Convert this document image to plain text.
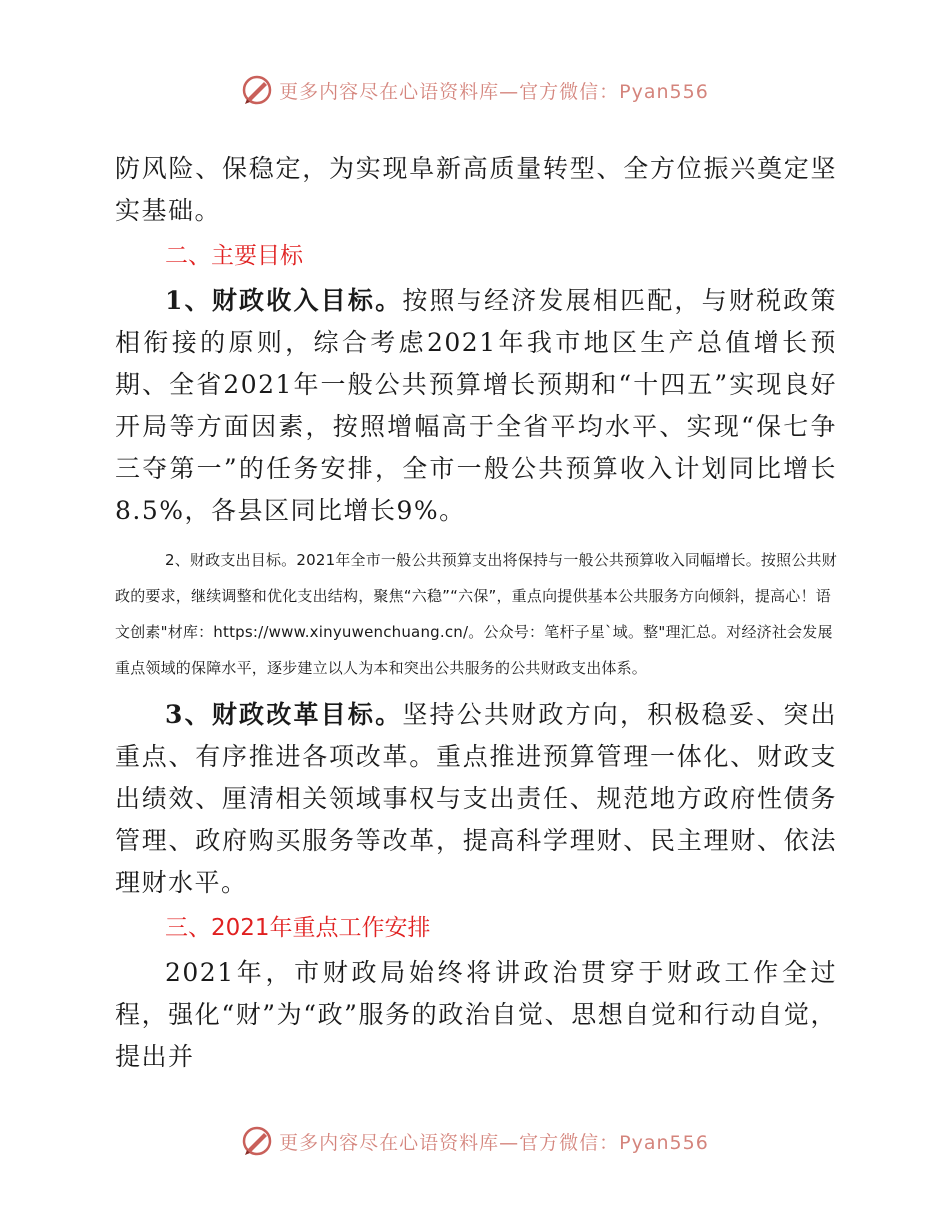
更多内容尽在心语资料库—官方微信：Pyan556

防风险、保稳定，为实现阜新高质量转型、全方位振兴奠定坚实基础。

二、主要目标

1、财政收入目标。按照与经济发展相匹配，与财税政策相衔接的原则，综合考虑2021年我市地区生产总值增长预期、全省2021年一般公共预算增长预期和“十四五”实现良好开局等方面因素，按照增幅高于全省平均水平、实现“保七争三夺第一”的任务安排，全市一般公共预算收入计划同比增长8.5%，各县区同比增长9%。

2、财政支出目标。2021年全市一般公共预算支出将保持与一般公共预算收入同幅增长。按照公共财政的要求，继续调整和优化支出结构，聚焦“六稳”“六保”，重点向提供基本公共服务方向倾斜，提高心！语文创素"材库：https://www.xinyuwenchuang.cn/。公众号：笔杆子星`域。整"理汇总。对经济社会发展重点领域的保障水平，逐步建立以人为本和突出公共服务的公共财政支出体系。

3、财政改革目标。坚持公共财政方向，积极稳妥、突出重点、有序推进各项改革。重点推进预算管理一体化、财政支出绩效、厘清相关领域事权与支出责任、规范地方政府性债务管理、政府购买服务等改革，提高科学理财、民主理财、依法理财水平。

三、2021年重点工作安排

2021年，市财政局始终将讲政治贯穿于财政工作全过程，强化“财”为“政”服务的政治自觉、思想自觉和行动自觉，提出并

更多内容尽在心语资料库—官方微信：Pyan556
